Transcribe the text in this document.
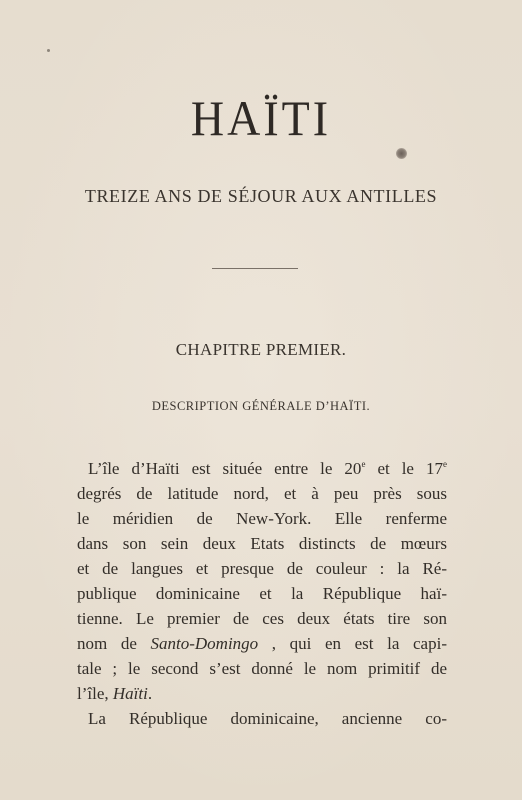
HAÏTI
TREIZE ANS DE SÉJOUR AUX ANTILLES
CHAPITRE PREMIER.
DESCRIPTION GÉNÉRALE D’HAÏTI.
L’île d’Haïti est située entre le 20e et le 17e
degrés de latitude nord, et à peu près sous
le méridien de New-York. Elle renferme
dans son sein deux Etats distincts de mœurs
et de langues et presque de couleur : la Ré-
publique dominicaine et la République haï-
tienne. Le premier de ces deux états tire son
nom de Santo-Domingo , qui en est la capi-
tale ; le second s’est donné le nom primitif de
l’île, Haïti.
La République dominicaine, ancienne co-
